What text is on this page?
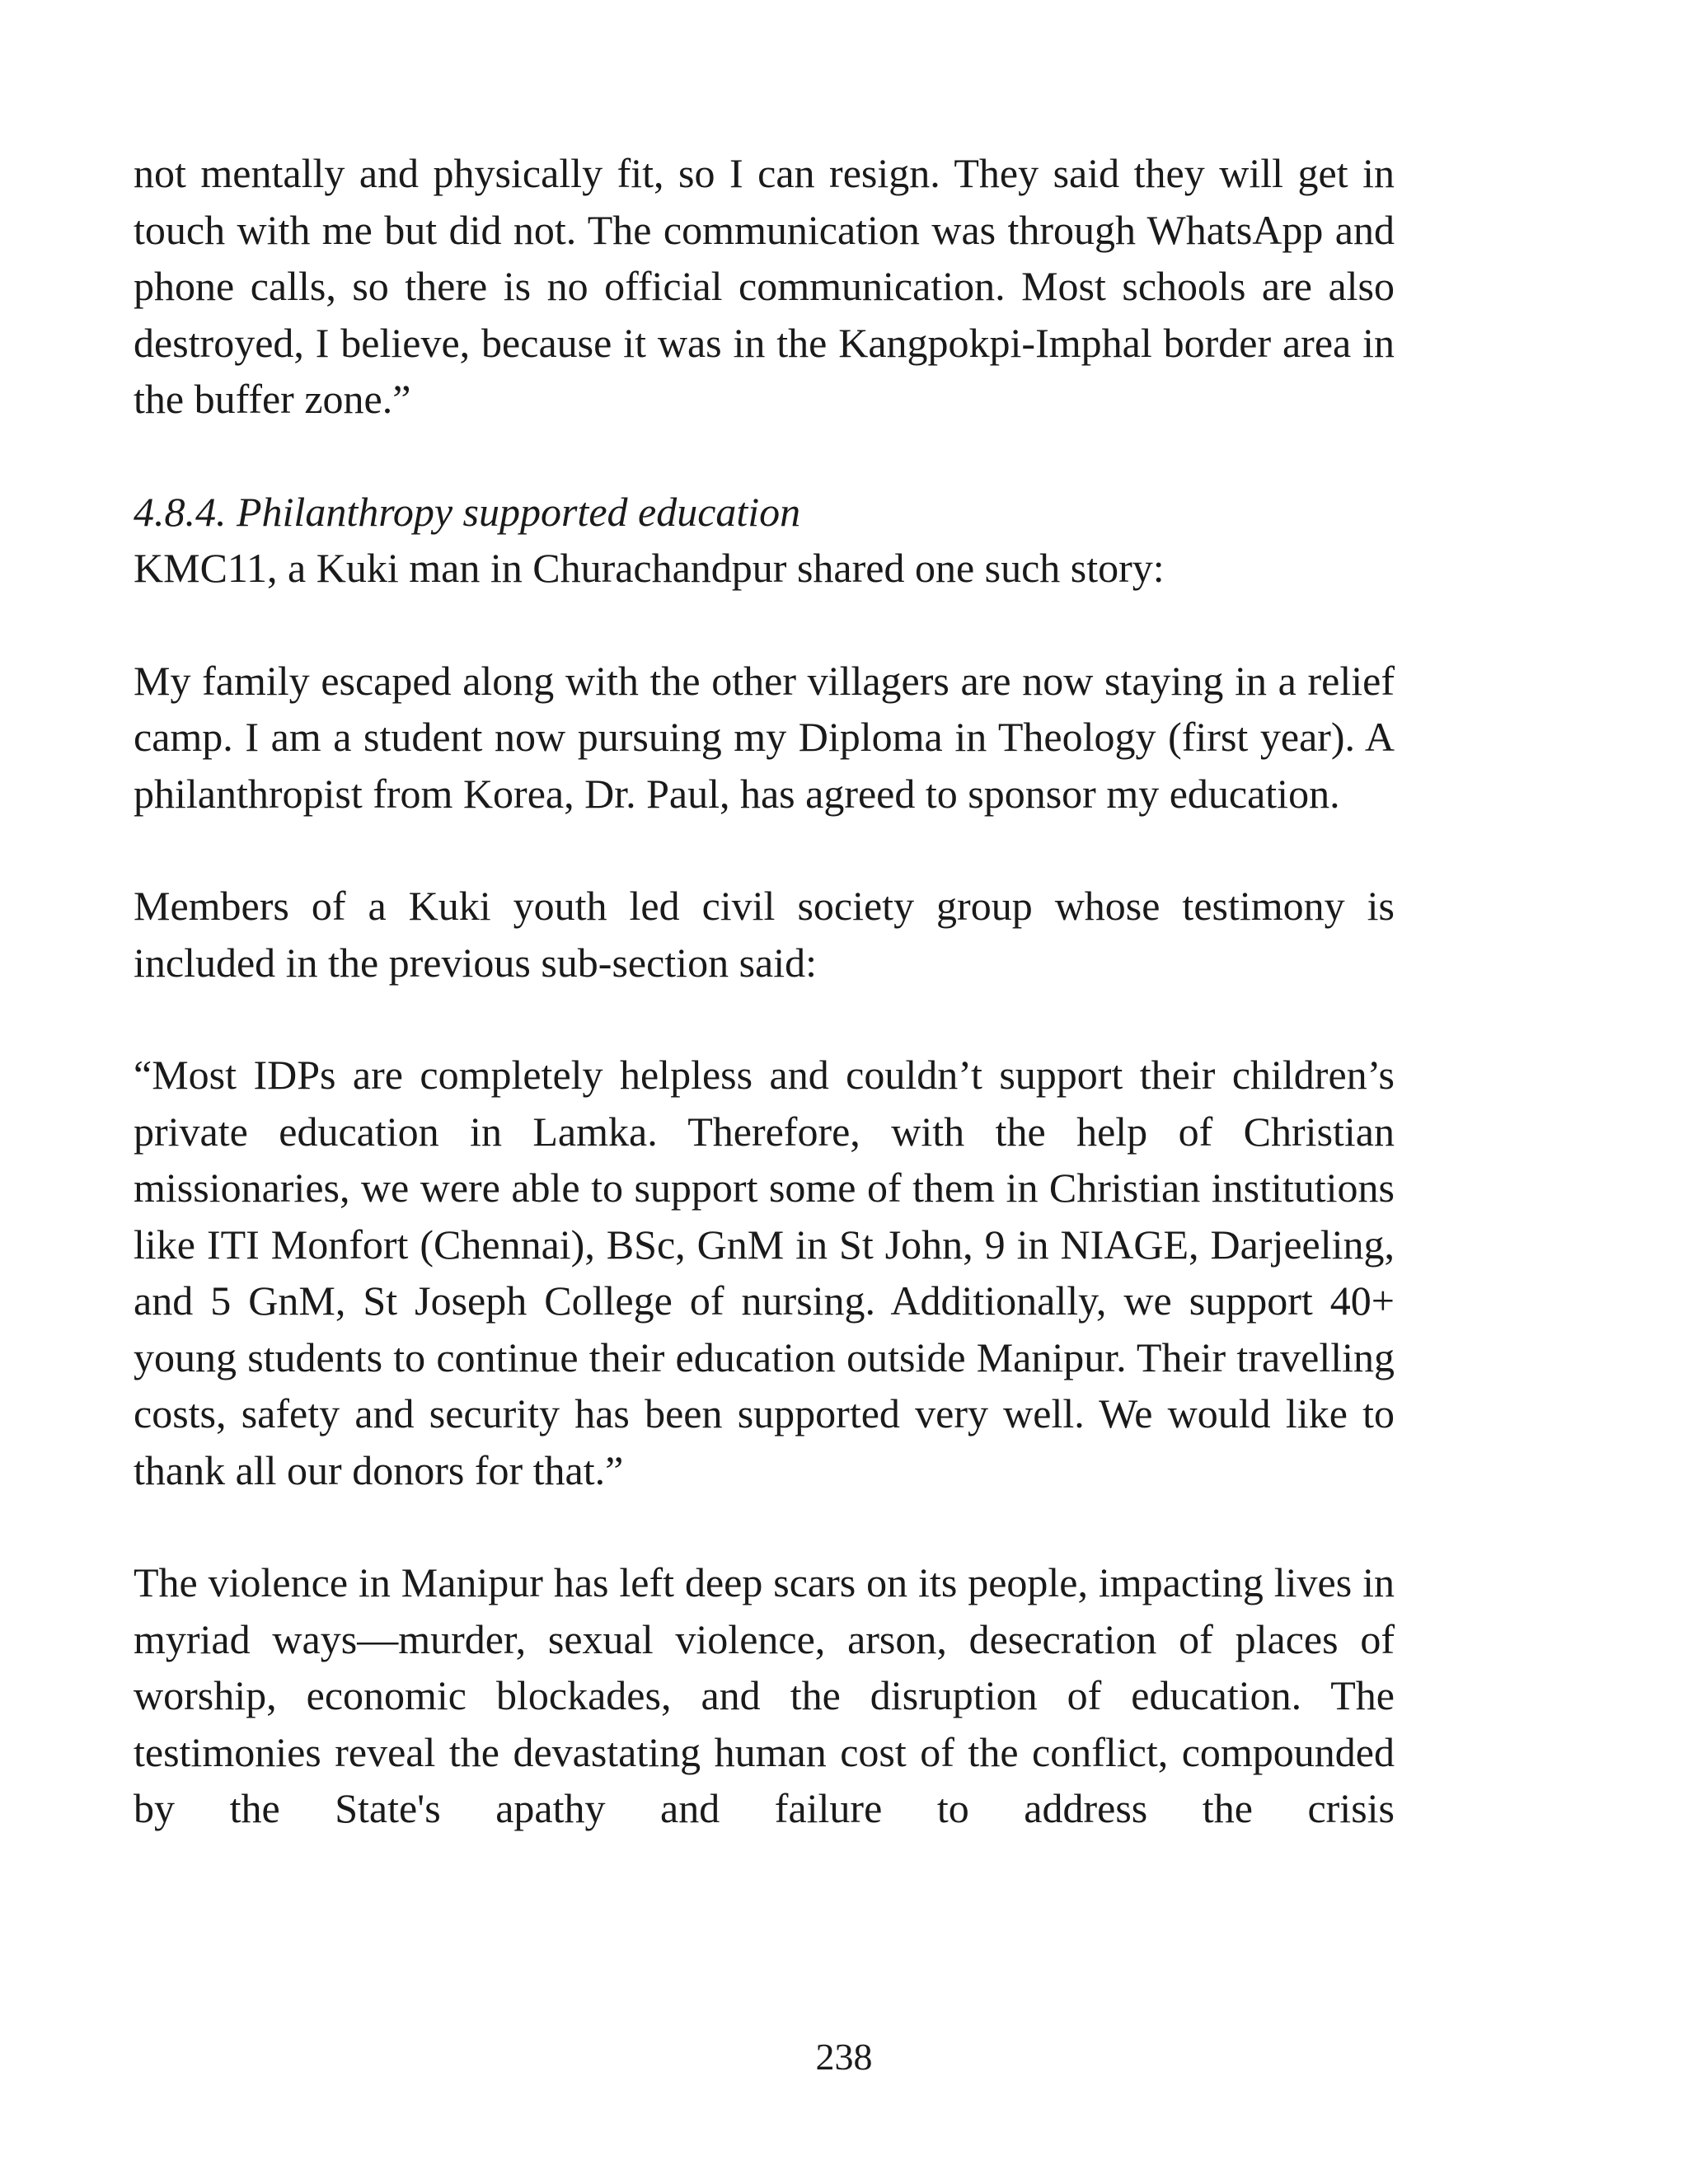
not mentally and physically fit, so I can resign. They said they will get in touch with me but did not. The communication was through WhatsApp and phone calls, so there is no official communication. Most schools are also destroyed, I believe, because it was in the Kangpokpi-Imphal border area in the buffer zone.”

4.8.4. Philanthropy supported education

KMC11, a Kuki man in Churachandpur shared one such story:

My family escaped along with the other villagers are now staying in a relief camp. I am a student now pursuing my Diploma in Theology (first year). A philanthropist from Korea, Dr. Paul, has agreed to sponsor my education.

Members of a Kuki youth led civil society group whose testimony is included in the previous sub-section said:

“Most IDPs are completely helpless and couldn’t support their children’s private education in Lamka. Therefore, with the help of Christian missionaries, we were able to support some of them in Christian institutions like ITI Monfort (Chennai), BSc, GnM in St John, 9 in NIAGE, Darjeeling, and 5 GnM, St Joseph College of nursing. Additionally, we support 40+ young students to continue their education outside Manipur. Their travelling costs, safety and security has been supported very well. We would like to thank all our donors for that.”

The violence in Manipur has left deep scars on its people, impacting lives in myriad ways—murder, sexual violence, arson, desecration of places of worship, economic blockades, and the disruption of education. The testimonies reveal the devastating human cost of the conflict, compounded by the State's apathy and failure to address the crisis

238
